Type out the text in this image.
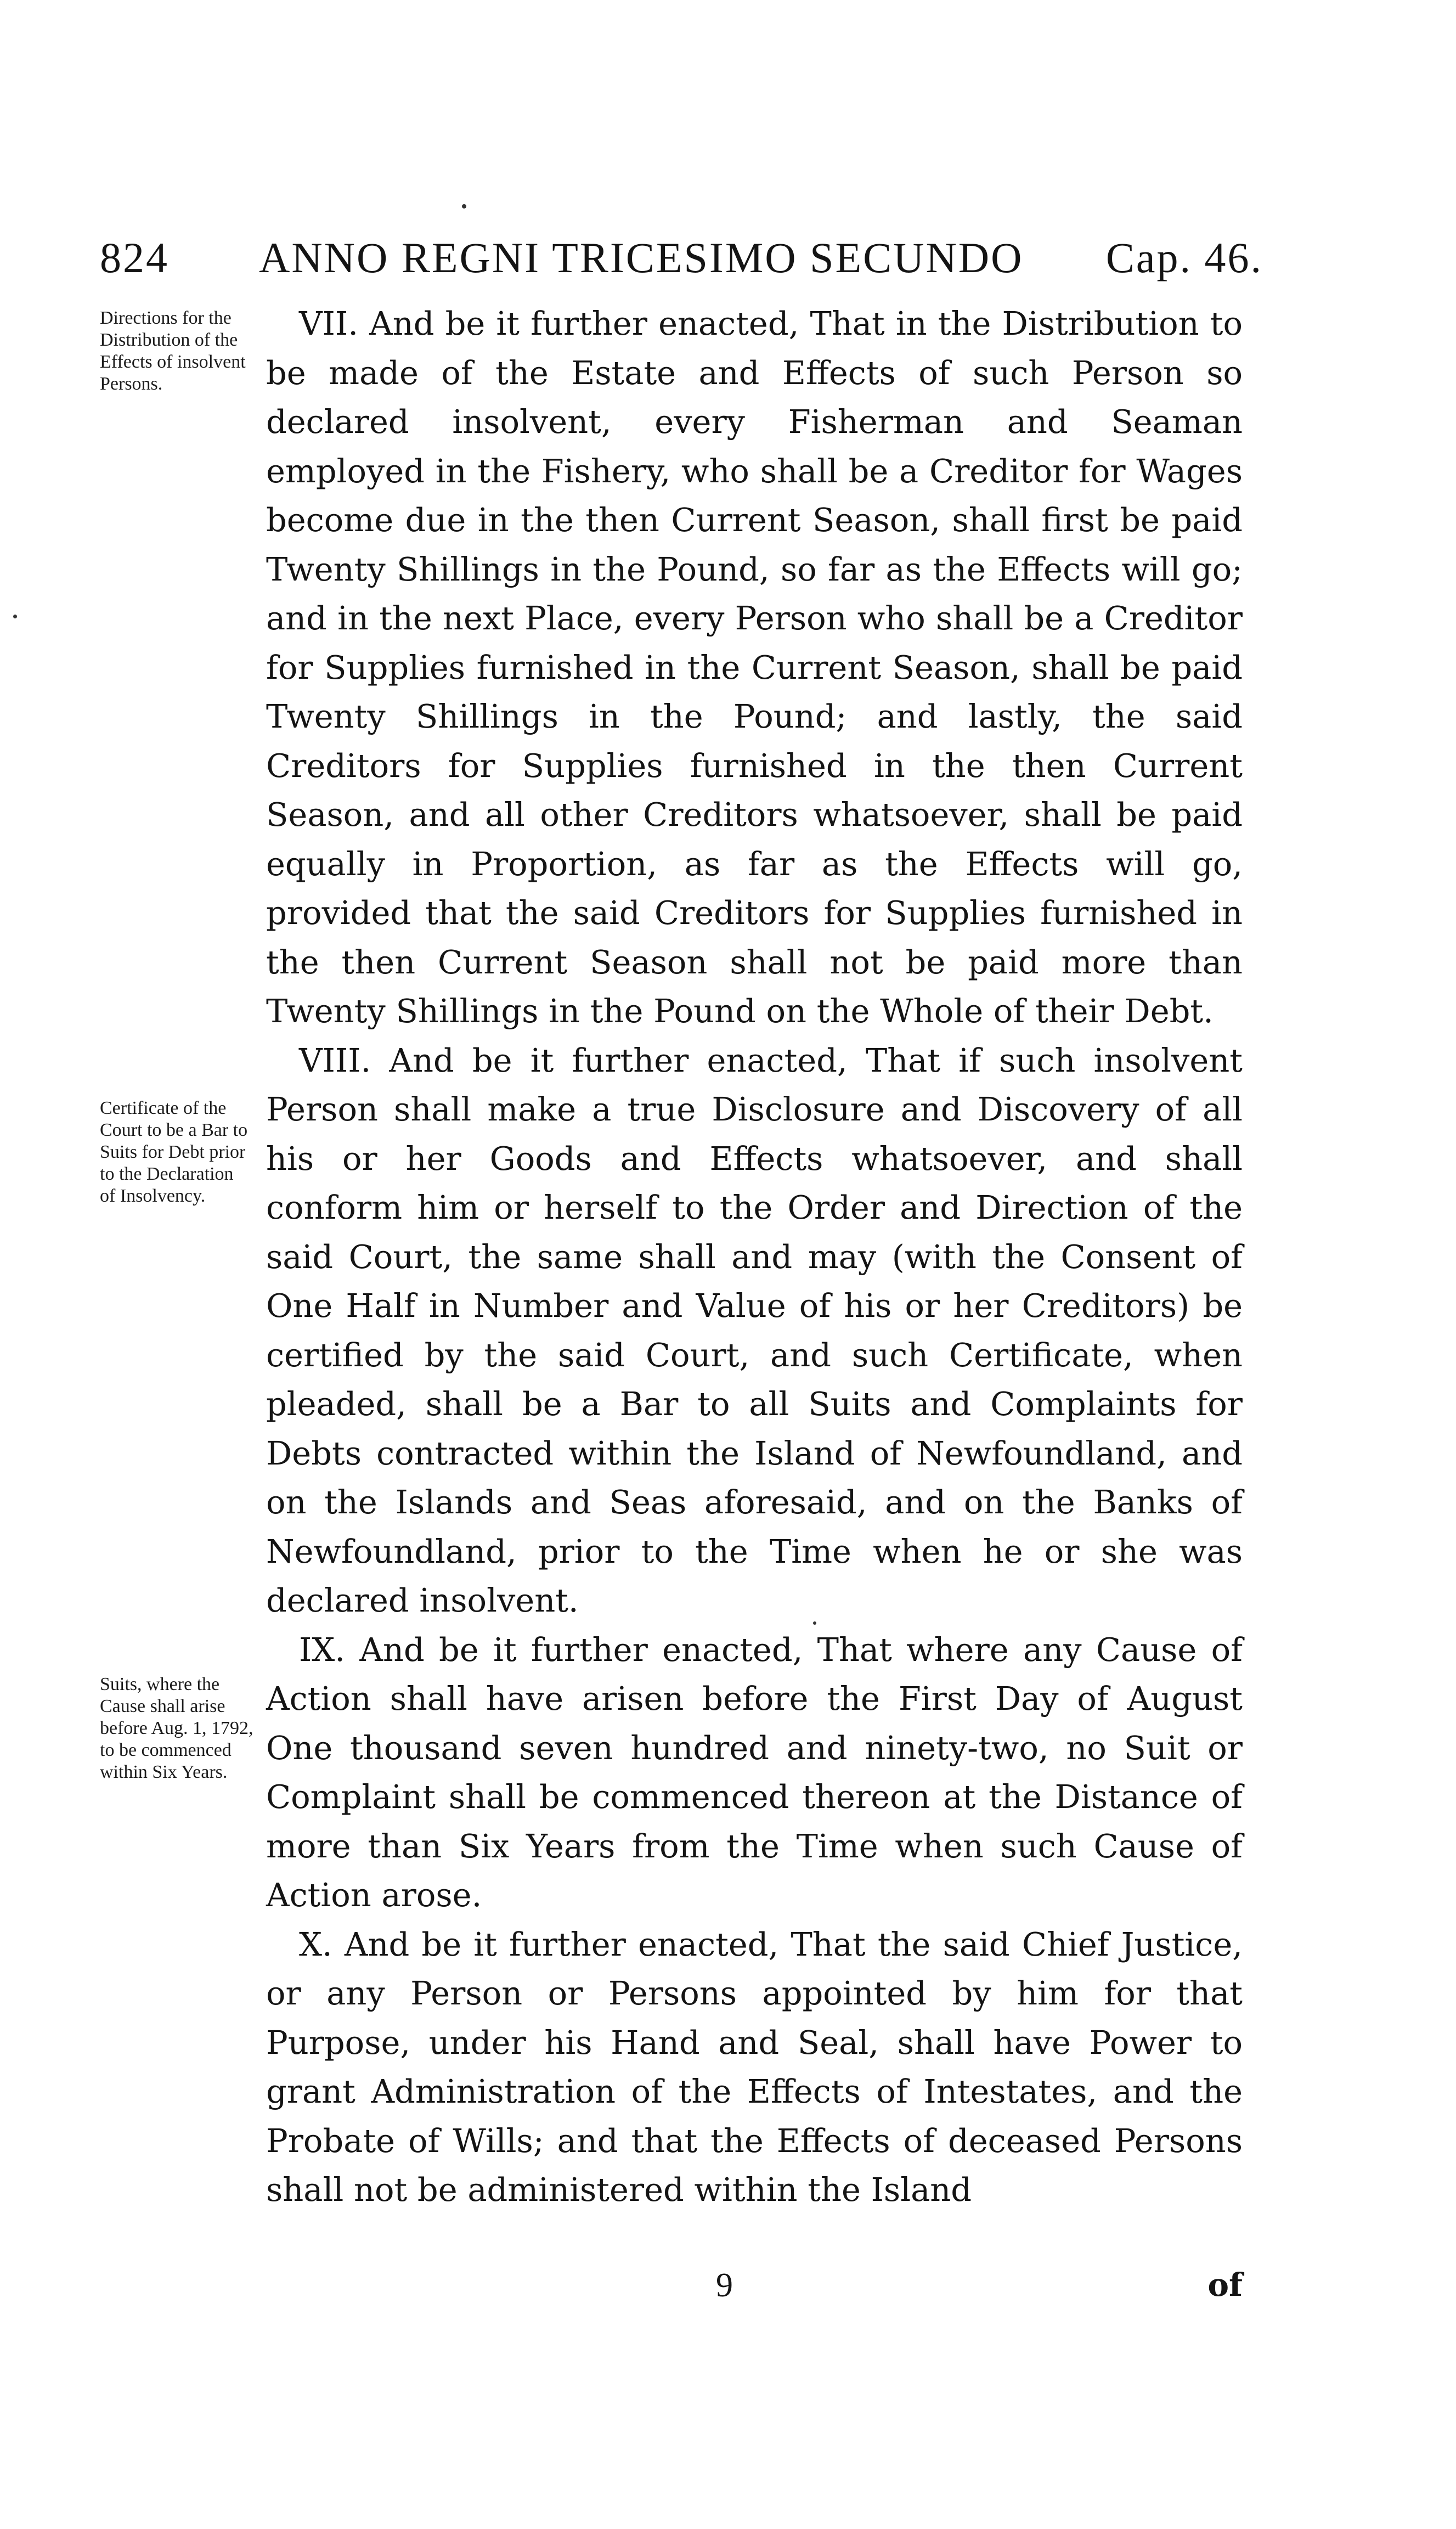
824 ANNO REGNI TRICESIMO SECUNDO Cap. 46.
Directions for the Distribution of the Effects of insolvent Persons.
Certificate of the Court to be a Bar to Suits for Debt prior to the Declaration of Insolvency.
Suits, where the Cause shall arise before Aug. 1, 1792, to be commenced within Six Years.

VII. And be it further enacted, That in the Distribution to be made of the Estate and Effects of such Person so declared insolvent, every Fisherman and Seaman employed in the Fishery, who shall be a Creditor for Wages become due in the then Current Season, shall first be paid Twenty Shillings in the Pound, so far as the Effects will go; and in the next Place, every Person who shall be a Creditor for Supplies furnished in the Current Season, shall be paid Twenty Shillings in the Pound; and lastly, the said Creditors for Supplies furnished in the then Current Season, and all other Creditors whatsoever, shall be paid equally in Proportion, as far as the Effects will go, provided that the said Creditors for Supplies furnished in the then Current Season shall not be paid more than Twenty Shillings in the Pound on the Whole of their Debt.

VIII. And be it further enacted, That if such insolvent Person shall make a true Disclosure and Discovery of all his or her Goods and Effects whatsoever, and shall conform him or herself to the Order and Direction of the said Court, the same shall and may (with the Consent of One Half in Number and Value of his or her Creditors) be certified by the said Court, and such Certificate, when pleaded, shall be a Bar to all Suits and Complaints for Debts contracted within the Island of Newfoundland, and on the Islands and Seas aforesaid, and on the Banks of Newfoundland, prior to the Time when he or she was declared insolvent.

IX. And be it further enacted, That where any Cause of Action shall have arisen before the First Day of August One thousand seven hundred and ninety-two, no Suit or Complaint shall be commenced thereon at the Distance of more than Six Years from the Time when such Cause of Action arose.

X. And be it further enacted, That the said Chief Justice, or any Person or Persons appointed by him for that Purpose, under his Hand and Seal, shall have Power to grant Administration of the Effects of Intestates, and the Probate of Wills; and that the Effects of deceased Persons shall not be administered within the Island

9	of
